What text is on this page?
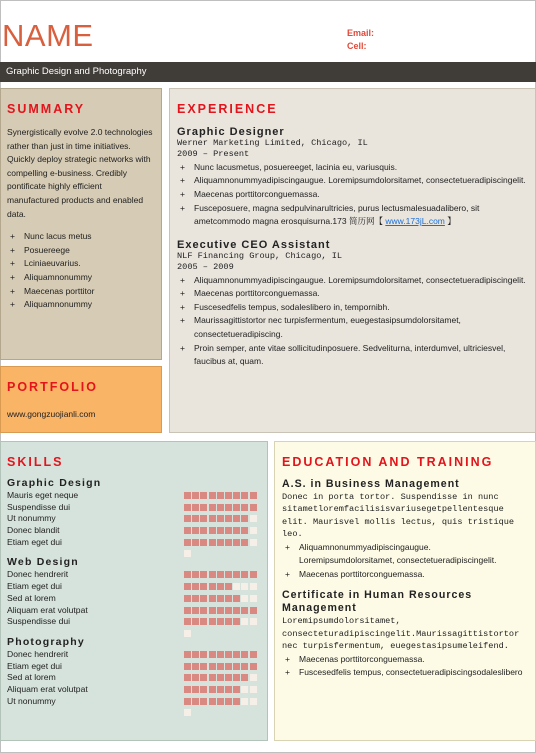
NAME	Email:
Cell:
Graphic Design and Photography
SUMMARY
Synergistically evolve 2.0 technologies rather than just in time initiatives. Quickly deploy strategic networks with compelling e-business. Credibly pontificate highly efficient manufactured products and enabled data.
+ Nunc lacus metus
+ Posuereege
+ Lciniaeuvarius.
+ Aliquamnonummy
+ Maecenas porttitor
+ Aliquamnonummy
PORTFOLIO
www.gongzuojianli.com
EXPERIENCE
Graphic Designer
Werner Marketing Limited, Chicago, IL
2009 – Present
+ Nunc lacusmetus, posuereeget, lacinia eu, variusquis.
+ Aliquamnonummyadipiscingaugue. Loremipsumdolorsitamet, consectetueradipiscingelit.
+ Maecenas porttitorconguemassa.
+ Fusceposuere, magna sedpulvinarultricies, purus lectusmalesuadalibero, sit ametcommodo magna erosquisurna.173 简历网【 www.173jL.com 】
Executive CEO Assistant
NLF Financing Group, Chicago, IL
2005 – 2009
+ Aliquamnonummyadipiscingaugue. Loremipsumdolorsitamet, consectetueradipiscingelit.
+ Maecenas porttitorconguemassa.
+ Fuscesedfelis tempus, sodaleslibero in, tempornibh.
+ Maurissagittistortor nec turpisfermentum, euegestasipsumdolorsitamet, consectetueradipiscing.
+ Proin semper, ante vitae sollicitudinposuere. Sedveliturna, interdumvel, ultriciesvel, faucibus at, quam.
SKILLS
Graphic Design
Mauris eget neque
Suspendisse dui
Ut nonummy
Donec blandit
Etiam eget dui
Web Design
Donec hendrerit
Etiam eget dui
Sed at lorem
Aliquam erat volutpat
Suspendisse dui
Photography
Donec hendrerit
Etiam eget dui
Sed at lorem
Aliquam erat volutpat
Ut nonummy
EDUCATION AND TRAINING
A.S. in Business Management
Donec in porta tortor. Suspendisse in nunc sitametloremfacilisisvariusegetpellentesque elit. Maurisvel mollis lectus, quis tristique leo.
+ Aliquamnonummyadipiscingaugue. Loremipsumdolorsitamet, consectetueradipiscingelit.
+ Maecenas porttitorconguemassa.
Certificate in Human Resources Management
Loremipsumdolorsitamet, consecteturadipiscingelit.Maurissagittistortor nec turpisfermentum, euegestasipsumeleifend.
+ Maecenas porttitorconguemassa.
+ Fuscesedfelis tempus, consectetueradipiscingsodaleslibero
